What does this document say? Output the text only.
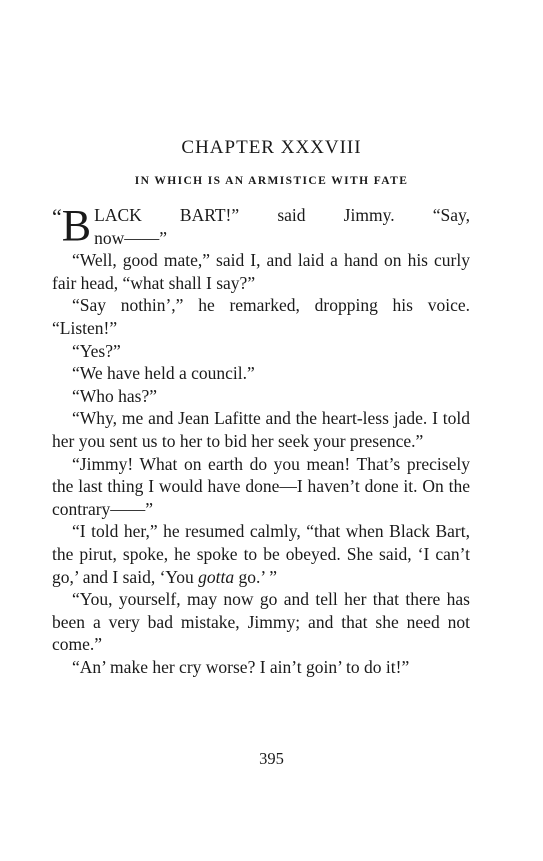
CHAPTER XXXVIII
IN WHICH IS AN ARMISTICE WITH FATE

“ B LACK BART!” said Jimmy. “Say,
now——”

“Well, good mate,” said I, and laid a hand on his curly fair head, “what shall I say?”

“Say nothin’,” he remarked, dropping his voice. “Listen!”

“Yes?”

“We have held a council.”

“Who has?”

“Why, me and Jean Lafitte and the heart-less jade. I told her you sent us to her to bid her seek your presence.”

“Jimmy! What on earth do you mean! That’s precisely the last thing I would have done—I haven’t done it. On the contrary——”

“I told her,” he resumed calmly, “that when Black Bart, the pirut, spoke, he spoke to be obeyed. She said, ‘I can’t go,’ and I said, ‘You gotta go.’ ”

“You, yourself, may now go and tell her that there has been a very bad mistake, Jimmy; and that she need not come.”

“An’ make her cry worse? I ain’t goin’ to do it!”

395
